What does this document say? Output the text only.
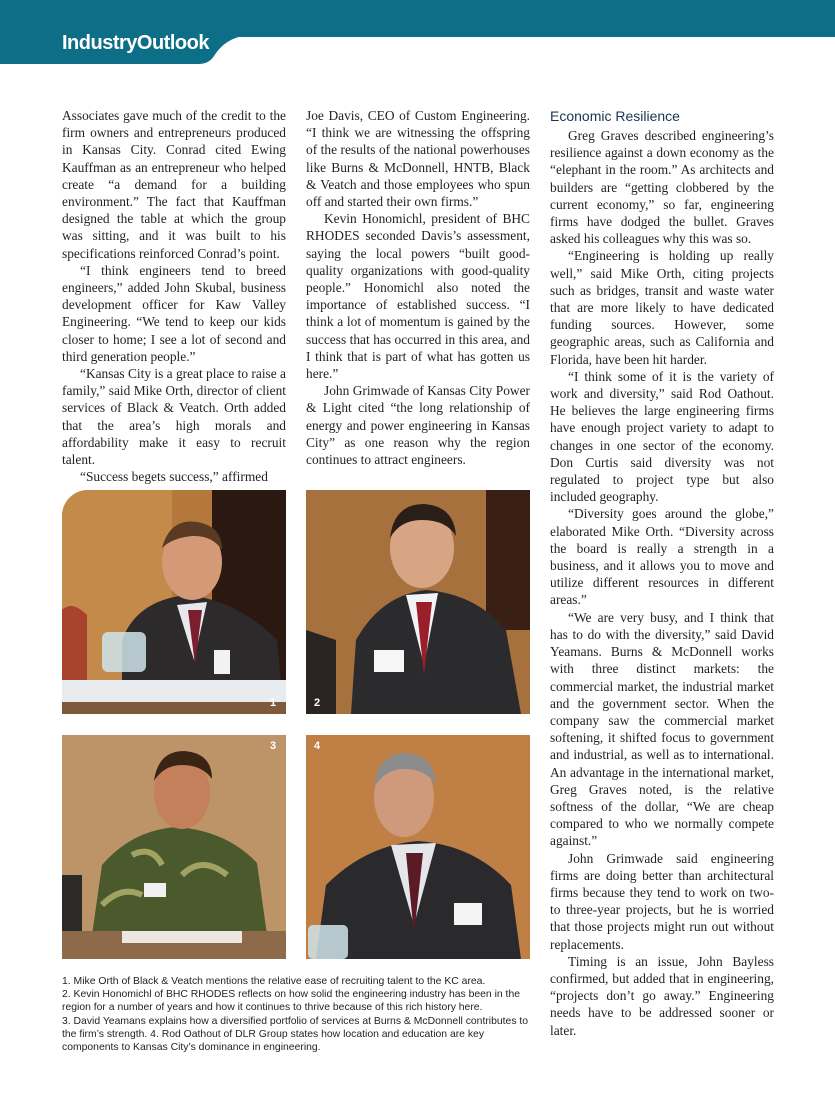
IndustryOutlook

Associates gave much of the credit to the firm owners and entrepreneurs produced in Kansas City. Conrad cited Ewing Kauffman as an entrepreneur who helped create “a demand for a building environment.” The fact that Kauffman designed the table at which the group was sitting, and it was built to his specifications reinforced Conrad’s point.

“I think engineers tend to breed engineers,” added John Skubal, business development officer for Kaw Valley Engineering. “We tend to keep our kids closer to home; I see a lot of second and third generation people.”

“Kansas City is a great place to raise a family,” said Mike Orth, director of client services of Black & Veatch. Orth added that the area’s high morals and affordability make it easy to recruit talent.

“Success begets success,” affirmed

Joe Davis, CEO of Custom Engineering. “I think we are witnessing the offspring of the results of the national powerhouses like Burns & McDonnell, HNTB, Black & Veatch and those employees who spun off and started their own firms.”

Kevin Honomichl, president of BHC RHODES seconded Davis’s assessment, saying the local powers “built good-quality organizations with good-quality people.” Honomichl also noted the importance of established success. “I think a lot of momentum is gained by the success that has occurred in this area, and I think that is part of what has gotten us here.”

John Grimwade of Kansas City Power & Light cited “the long relationship of energy and power engineering in Kansas City” as one reason why the region continues to attract engineers.

Economic Resilience

Greg Graves described engineering’s resilience against a down economy as the “elephant in the room.” As architects and builders are “getting clobbered by the current economy,” so far, engineering firms have dodged the bullet. Graves asked his colleagues why this was so.

“Engineering is holding up really well,” said Mike Orth, citing projects such as bridges, transit and waste water that are more likely to have dedicated funding sources. However, some geographic areas, such as California and Florida, have been hit harder.

“I think some of it is the variety of work and diversity,” said Rod Oathout. He believes the large engineering firms have enough project variety to adapt to changes in one sector of the economy. Don Curtis said diversity was not regulated to project type but also included geography.

“Diversity goes around the globe,” elaborated Mike Orth. “Diversity across the board is really a strength in a business, and it allows you to move and utilize different resources in different areas.”

“We are very busy, and I think that has to do with the diversity,” said David Yeamans. Burns & McDonnell works with three distinct markets: the commercial market, the industrial market and the government sector. When the company saw the commercial market softening, it shifted focus to government and industrial, as well as to international. An advantage in the international market, Greg Graves noted, is the relative softness of the dollar, “We are cheap compared to who we normally compete against.”

John Grimwade said engineering firms are doing better than architectural firms because they tend to work on two- to three-year projects, but he is worried that those projects might run out without replacements.

Timing is an issue, John Bayless confirmed, but added that in engineering, “projects don’t go away.” Engineering needs have to be addressed sooner or later.

1	2
3	4
1. Mike Orth of Black & Veatch mentions the relative ease of recruiting talent to the KC area.
2. Kevin Honomichl of BHC RHODES reflects on how solid the engineering industry has been in the region for a number of years and how it continues to thrive because of this rich history here.
3. David Yeamans explains how a diversified portfolio of services at Burns & McDonnell contributes to the firm’s strength. 4. Rod Oathout of DLR Group states how location and education are key components to Kansas City’s dominance in engineering.
